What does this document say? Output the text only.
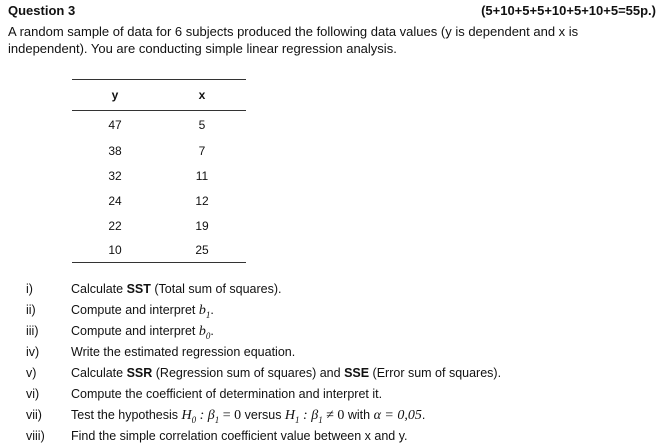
Question 3	(5+10+5+5+10+5+10+5=55p.)
A random sample of data for 6 subjects produced the following data values (y is dependent and x is independent). You are conducting simple linear regression analysis.
y	x
47	5
38	7
32	11
24	12
22	19
10	25
i)	Calculate SST (Total sum of squares).
ii)	Compute and interpret $b_1$.
iii)	Compute and interpret $b_0$.
iv)	Write the estimated regression equation.
v)	Calculate SSR (Regression sum of squares) and SSE (Error sum of squares).
vi)	Compute the coefficient of determination and interpret it.
vii) Test the hypothesis $H_0$ : $\beta_1 = 0$ versus $H_1$ : $\beta_1 \ne 0$ with α = 0,05.
viii) Find the simple correlation coefficient value between x and y.
